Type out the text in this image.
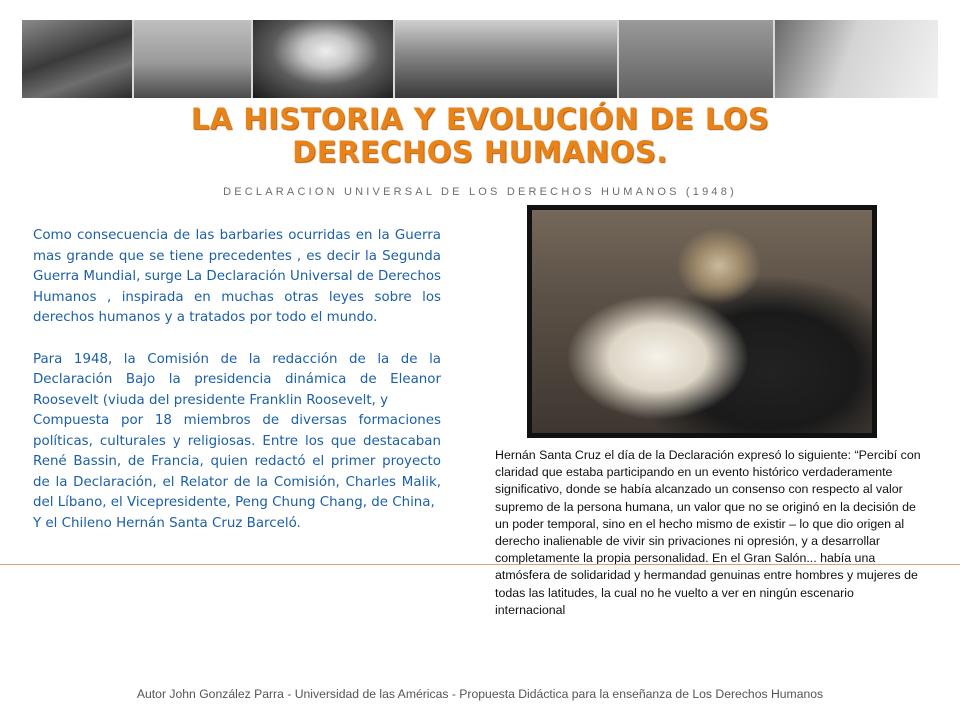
LA HISTORIA Y EVOLUCIÓN DE LOS DERECHOS HUMANOS.
DECLARACION UNIVERSAL DE LOS DERECHOS HUMANOS (1948)

Como consecuencia de las barbaries ocurridas en la Guerra mas grande que se tiene precedentes , es decir la Segunda Guerra Mundial, surge La Declaración Universal de Derechos Humanos , inspirada en muchas otras leyes sobre los derechos humanos y a tratados por todo el mundo.

Para 1948, la Comisión de la redacción de la de la Declaración Bajo la presidencia dinámica de Eleanor Roosevelt (viuda del presidente Franklin Roosevelt, y

Compuesta por 18 miembros de diversas formaciones políticas, culturales y religiosas. Entre los que destacaban René Bassin, de Francia, quien redactó el primer proyecto de la Declaración, el Relator de la Comisión, Charles Malik, del Líbano, el Vicepresidente, Peng Chung Chang, de China,

Y el Chileno Hernán Santa Cruz Barceló.

Hernán Santa Cruz el día de la Declaración expresó lo siguiente: “Percibí con claridad que estaba participando en un evento histórico verdaderamente significativo, donde se había alcanzado un consenso con respecto al valor supremo de la persona humana, un valor que no se originó en la decisión de un poder temporal, sino en el hecho mismo de existir – lo que dio origen al derecho inalienable de vivir sin privaciones ni opresión, y a desarrollar completamente la propia personalidad. En el Gran Salón... había una atmósfera de solidaridad y hermandad genuinas entre hombres y mujeres de todas las latitudes, la cual no he vuelto a ver en ningún escenario internacional
Autor John González Parra - Universidad de las Américas - Propuesta Didáctica para la enseñanza de Los Derechos Humanos
